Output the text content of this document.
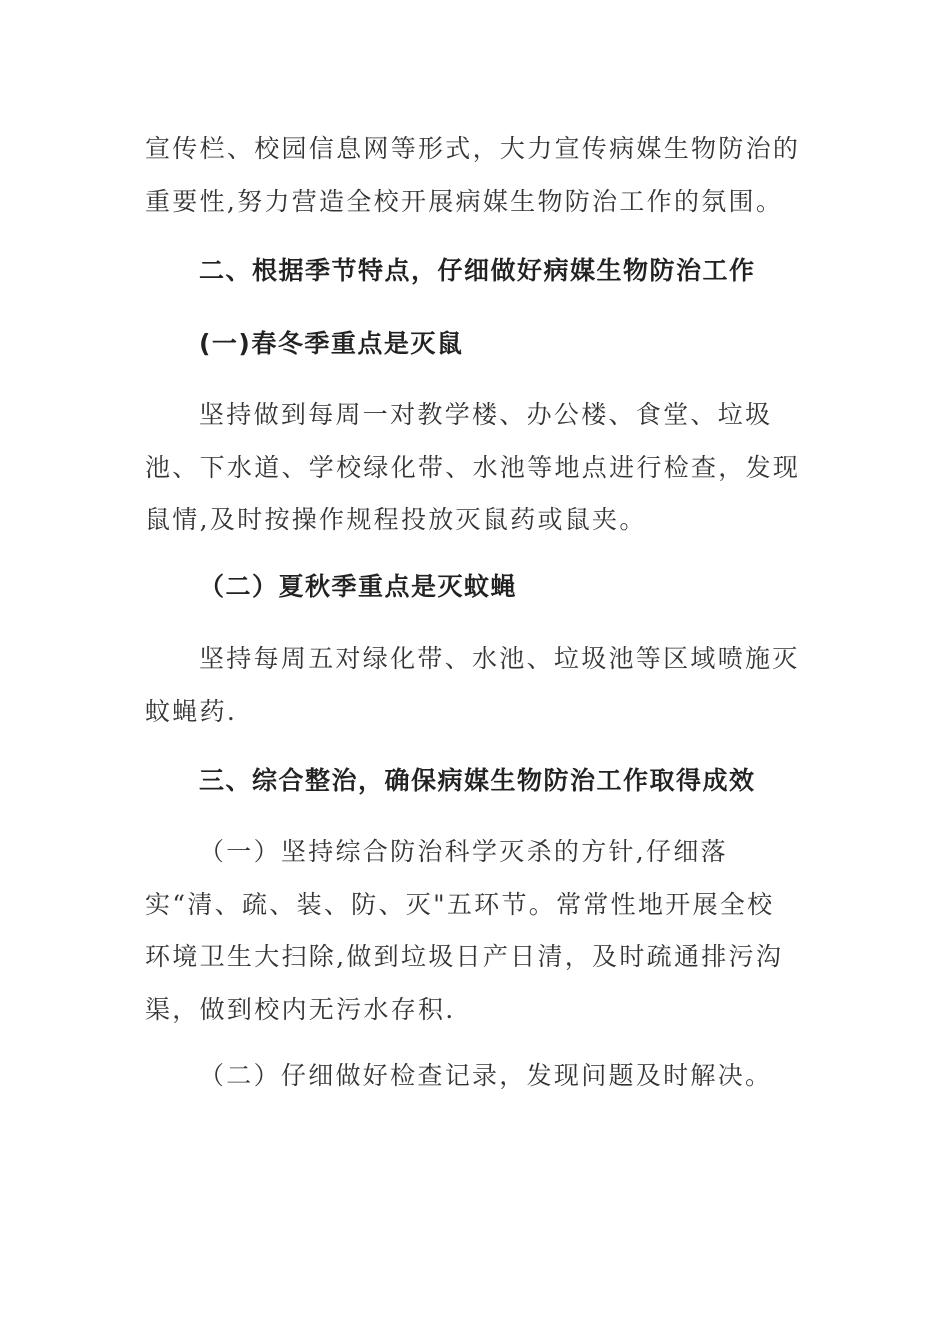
宣传栏、校园信息网等形式，大力宣传病媒生物防治的重要性,努力营造全校开展病媒生物防治工作的氛围。

二、根据季节特点，仔细做好病媒生物防治工作

(一)春冬季重点是灭鼠

坚持做到每周一对教学楼、办公楼、食堂、垃圾池、下水道、学校绿化带、水池等地点进行检查，发现鼠情,及时按操作规程投放灭鼠药或鼠夹。

（二）夏秋季重点是灭蚊蝇

坚持每周五对绿化带、水池、垃圾池等区域喷施灭蚊蝇药.

三、综合整治，确保病媒生物防治工作取得成效

（一）坚持综合防治科学灭杀的方针,仔细落实“清、疏、装、防、灭"五环节。常常性地开展全校环境卫生大扫除,做到垃圾日产日清，及时疏通排污沟渠，做到校内无污水存积.

（二）仔细做好检查记录，发现问题及时解决。
